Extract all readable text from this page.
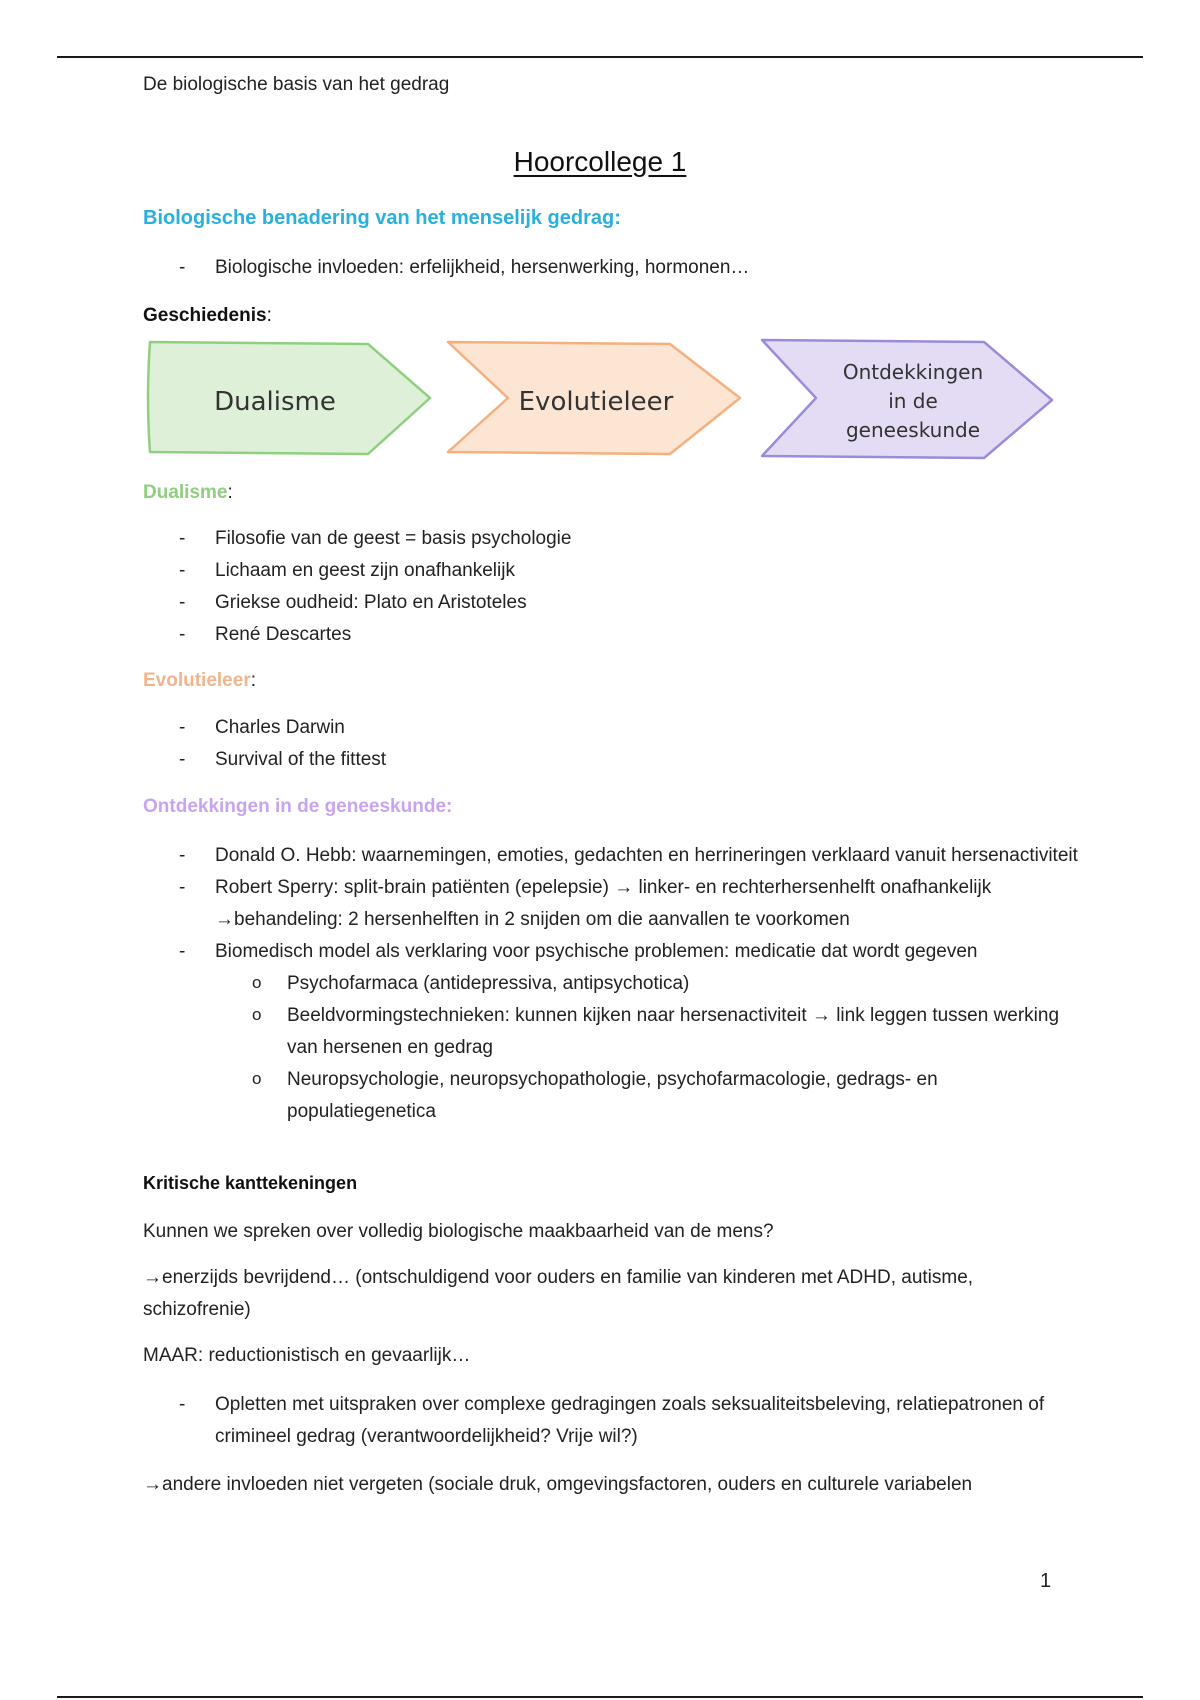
De biologische basis van het gedrag
Hoorcollege 1
Biologische benadering van het menselijk gedrag:
- Biologische invloeden: erfelijkheid, hersenwerking, hormonen…
Geschiedenis:
Dualisme	Evolutieleer
Ontdekkingen
in de
geneeskunde
Dualisme:
- Filosofie van de geest = basis psychologie
- Lichaam en geest zijn onafhankelijk
- Griekse oudheid: Plato en Aristoteles
- René Descartes
Evolutieleer:
- Charles Darwin
- Survival of the fittest
Ontdekkingen in de geneeskunde:
- Donald O. Hebb: waarnemingen, emoties, gedachten en herrineringen verklaard vanuit hersenactiviteit
- Robert Sperry: split-brain patiënten (epelepsie) → linker- en rechterhersenhelft onafhankelijk →behandeling: 2 hersenhelften in 2 snijden om die aanvallen te voorkomen
- Biomedisch model als verklaring voor psychische problemen: medicatie dat wordt gegeven
o Psychofarmaca (antidepressiva, antipsychotica)
o Beeldvormingstechnieken: kunnen kijken naar hersenactiviteit → link leggen tussen werking van hersenen en gedrag
o Neuropsychologie, neuropsychopathologie, psychofarmacologie, gedrags- en populatiegenetica
Kritische kanttekeningen
Kunnen we spreken over volledig biologische maakbaarheid van de mens?
→enerzijds bevrijdend… (ontschuldigend voor ouders en familie van kinderen met ADHD, autisme, schizofrenie)
MAAR: reductionistisch en gevaarlijk…
- Opletten met uitspraken over complexe gedragingen zoals seksualiteitsbeleving, relatiepatronen of crimineel gedrag (verantwoordelijkheid? Vrije wil?)
→andere invloeden niet vergeten (sociale druk, omgevingsfactoren, ouders en culturele variabelen
1
